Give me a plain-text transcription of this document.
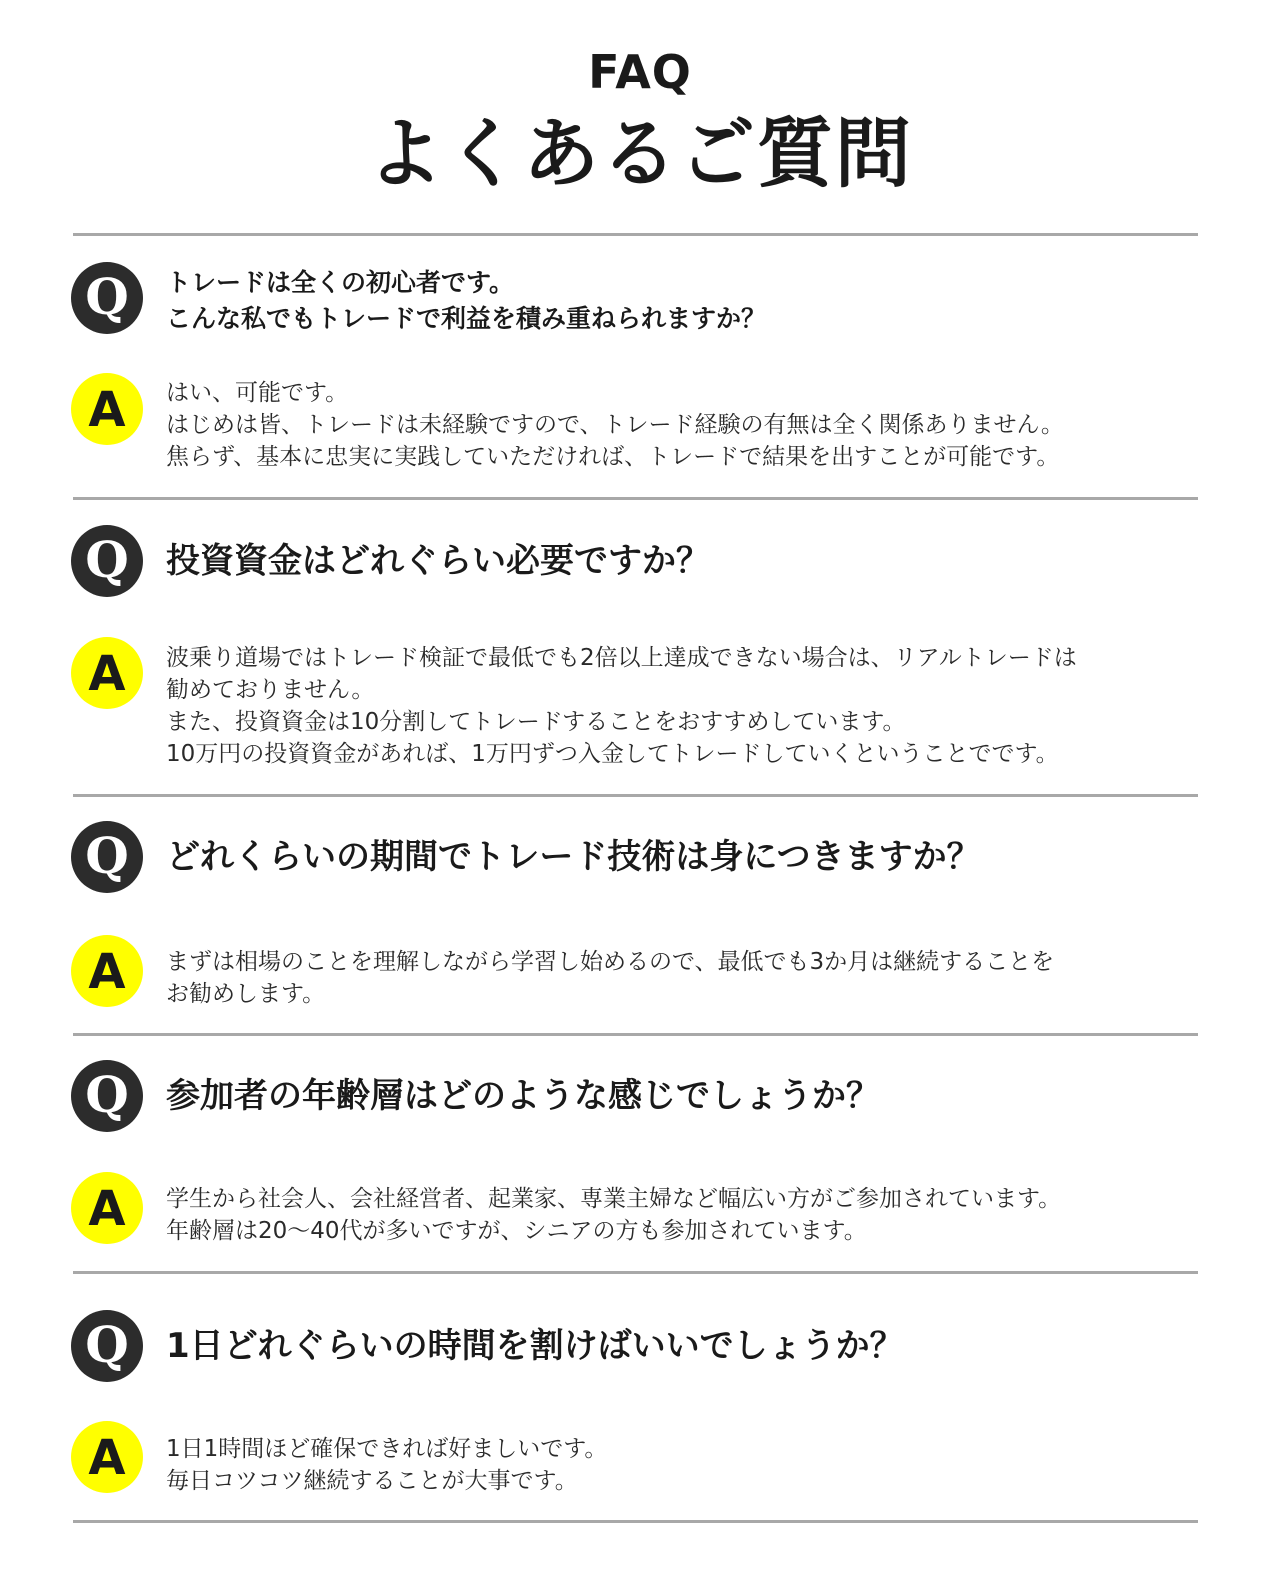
FAQ
よくあるご質問
Q	トレードは全くの初心者です。
こんな私でもトレードで利益を積み重ねられますか？
A	はい、可能です。
はじめは皆、トレードは未経験ですので、トレード経験の有無は全く関係ありません。
焦らず、基本に忠実に実践していただければ、トレードで結果を出すことが可能です。
Q	投資資金はどれぐらい必要ですか？
A	波乗り道場ではトレード検証で最低でも2倍以上達成できない場合は、リアルトレードは
勧めておりません。
また、投資資金は10分割してトレードすることをおすすめしています。
10万円の投資資金があれば、1万円ずつ入金してトレードしていくということでです。
Q	どれくらいの期間でトレード技術は身につきますか？
A	まずは相場のことを理解しながら学習し始めるので、最低でも3か月は継続することを
お勧めします。
Q	参加者の年齢層はどのような感じでしょうか？
A	学生から社会人、会社経営者、起業家、専業主婦など幅広い方がご参加されています。
年齢層は20～40代が多いですが、シニアの方も参加されています。
Q	1日どれぐらいの時間を割けばいいでしょうか？
A	1日1時間ほど確保できれば好ましいです。
毎日コツコツ継続することが大事です。
